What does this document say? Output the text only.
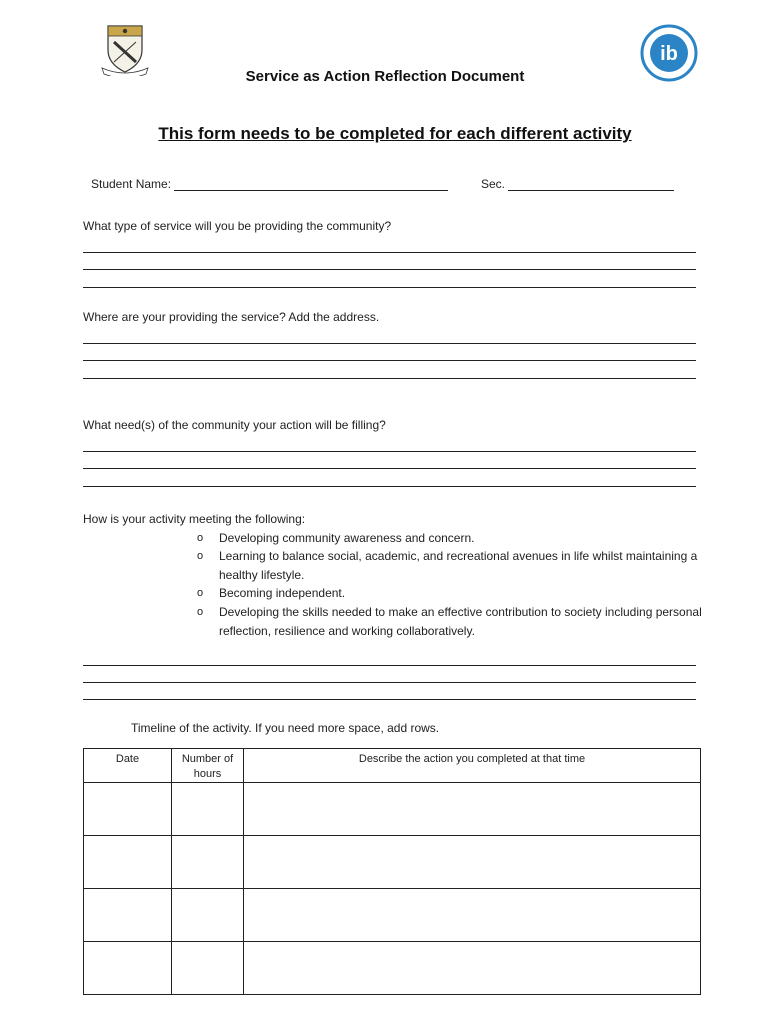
ib
Service as Action Reflection Document
This form needs to be completed for each different activity
Student Name:	Sec.
What type of service will you be providing the community?
Where are your providing the service? Add the address.
What need(s) of the community your action will be filling?
How is your activity meeting the following:
o Developing community awareness and concern.
o Learning to balance social, academic, and recreational avenues in life whilst maintaining a healthy lifestyle.
o Becoming independent.
o Developing the skills needed to make an effective contribution to society including personal reflection, resilience and working collaboratively.
Timeline of the activity. If you need more space, add rows.
Date	Number of hours	Describe the action you completed at that time
